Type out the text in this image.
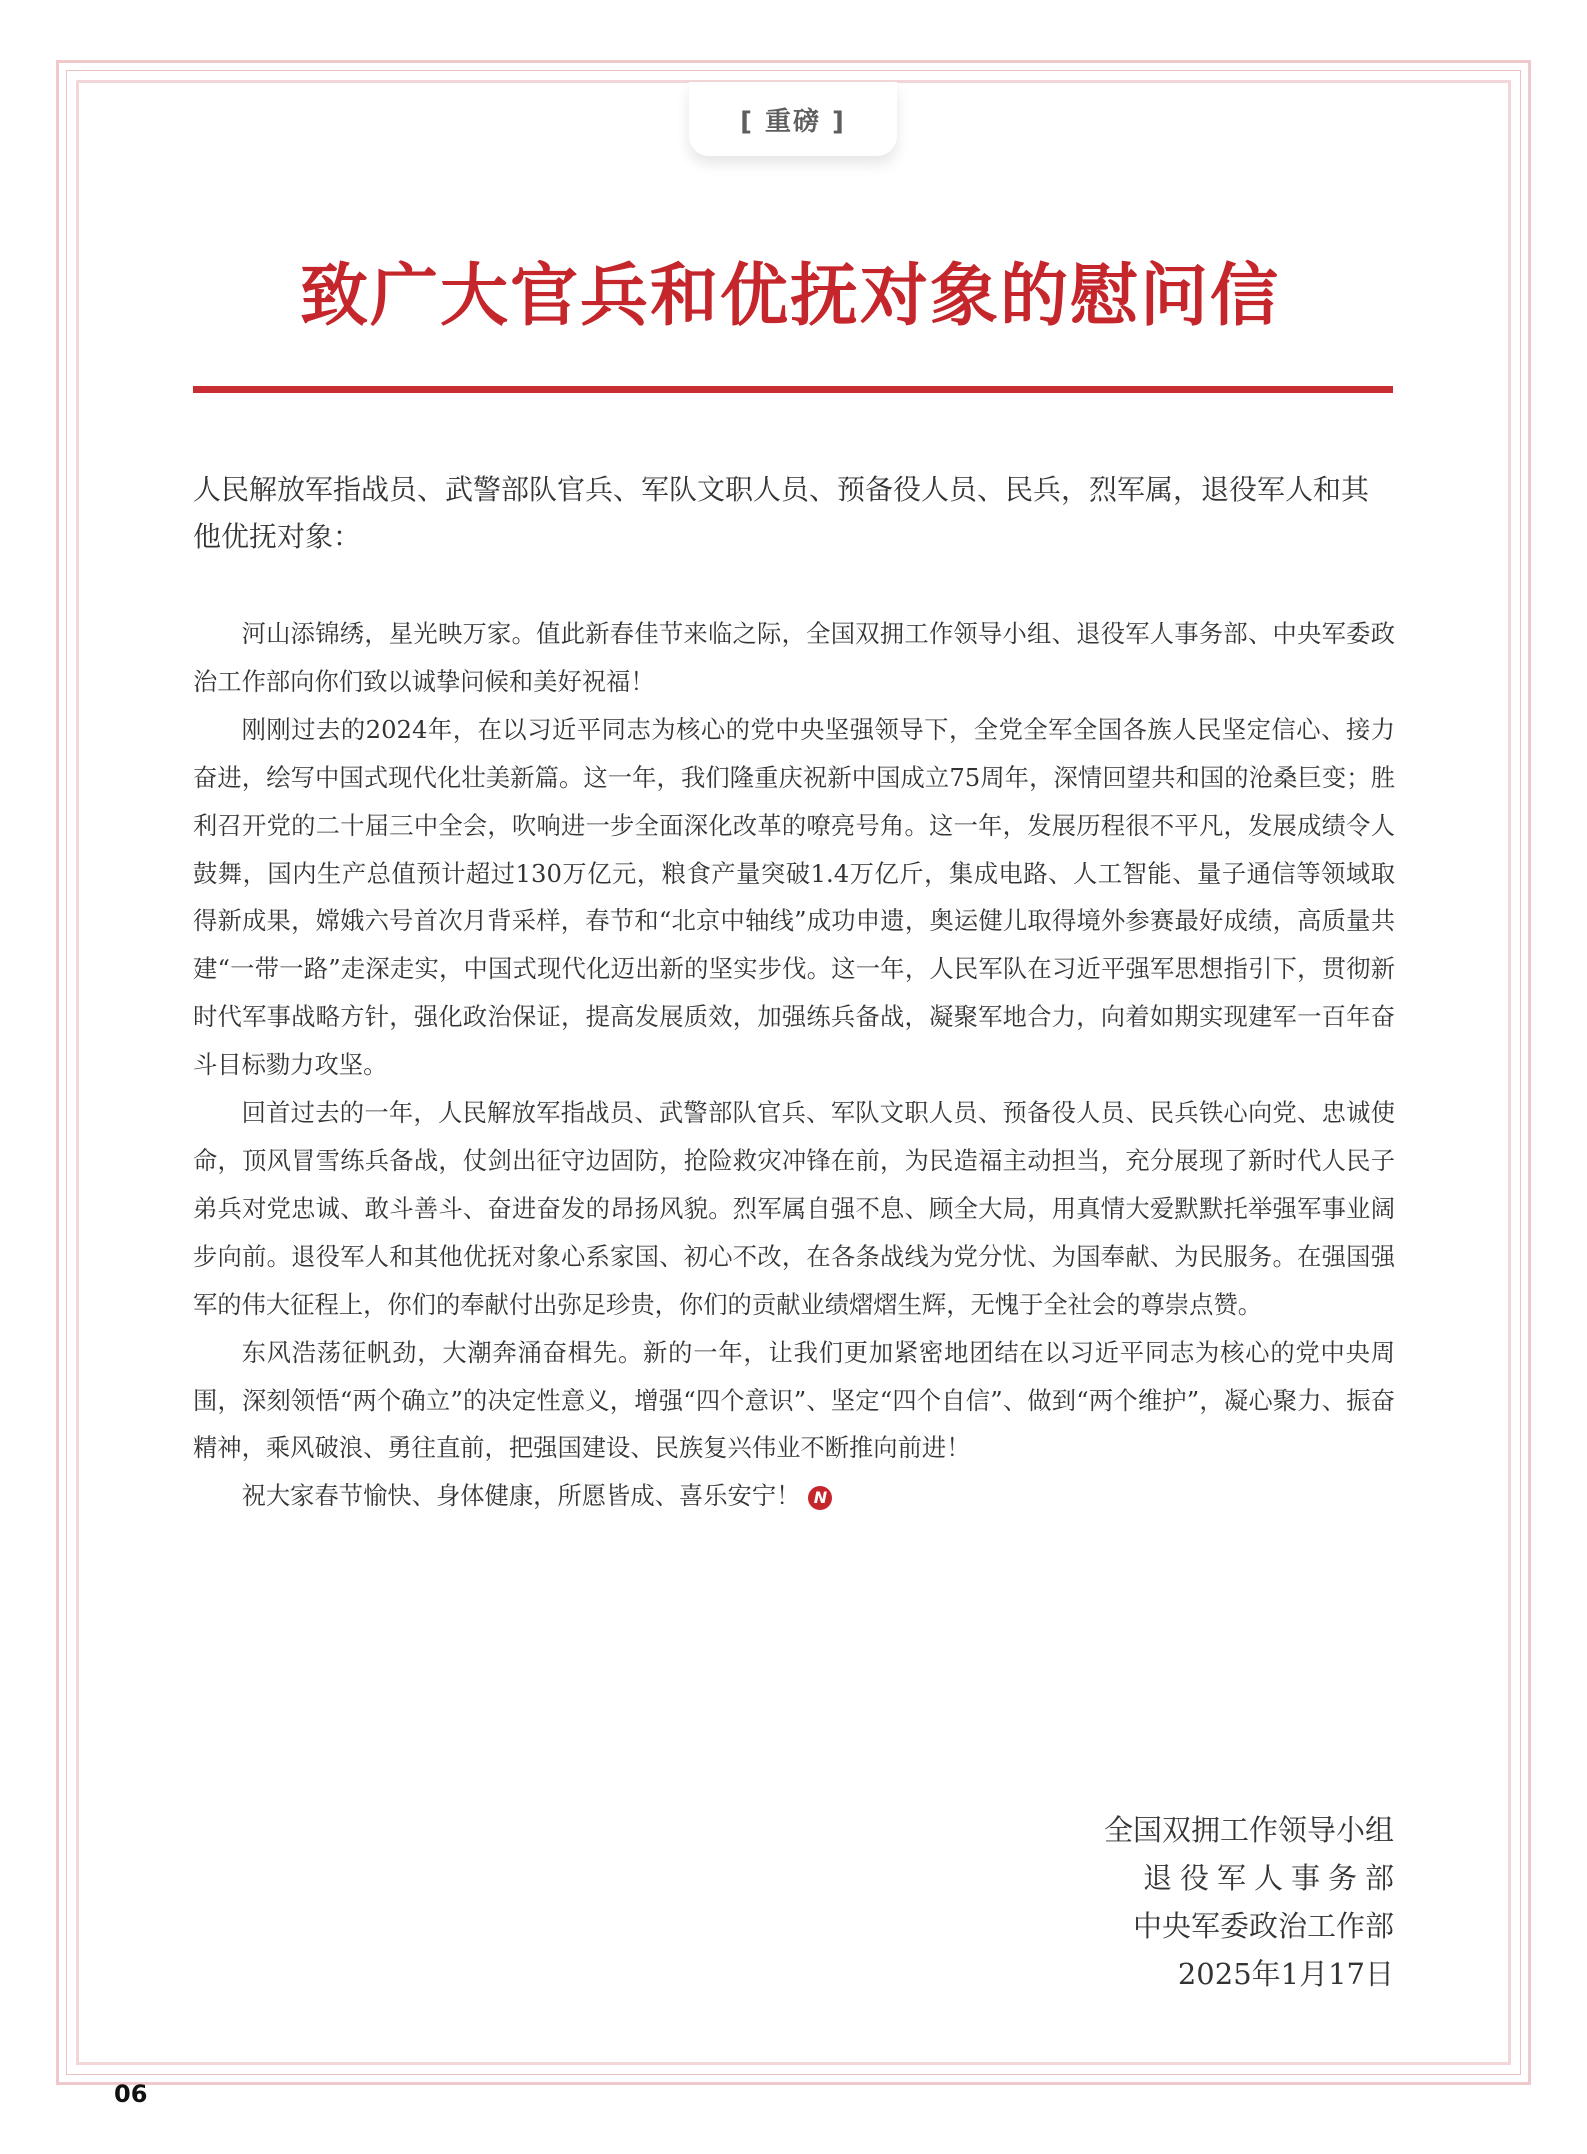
[ 重磅 ]
致广大官兵和优抚对象的慰问信

人民解放军指战员、武警部队官兵、军队文职人员、预备役人员、民兵，烈军属，退役军人和其他优抚对象：

河山添锦绣，星光映万家。值此新春佳节来临之际，全国双拥工作领导小组、退役军人事务部、中央军委政治工作部向你们致以诚挚问候和美好祝福！

刚刚过去的2024年，在以习近平同志为核心的党中央坚强领导下，全党全军全国各族人民坚定信心、接力奋进，绘写中国式现代化壮美新篇。这一年，我们隆重庆祝新中国成立75周年，深情回望共和国的沧桑巨变；胜利召开党的二十届三中全会，吹响进一步全面深化改革的嘹亮号角。这一年，发展历程很不平凡，发展成绩令人鼓舞，国内生产总值预计超过130万亿元，粮食产量突破1.4万亿斤，集成电路、人工智能、量子通信等领域取得新成果，嫦娥六号首次月背采样，春节和“北京中轴线”成功申遗，奥运健儿取得境外参赛最好成绩，高质量共建“一带一路”走深走实，中国式现代化迈出新的坚实步伐。这一年，人民军队在习近平强军思想指引下，贯彻新时代军事战略方针，强化政治保证，提高发展质效，加强练兵备战，凝聚军地合力，向着如期实现建军一百年奋斗目标勠力攻坚。

回首过去的一年，人民解放军指战员、武警部队官兵、军队文职人员、预备役人员、民兵铁心向党、忠诚使命，顶风冒雪练兵备战，仗剑出征守边固防，抢险救灾冲锋在前，为民造福主动担当，充分展现了新时代人民子弟兵对党忠诚、敢斗善斗、奋进奋发的昂扬风貌。烈军属自强不息、顾全大局，用真情大爱默默托举强军事业阔步向前。退役军人和其他优抚对象心系家国、初心不改，在各条战线为党分忧、为国奉献、为民服务。在强国强军的伟大征程上，你们的奉献付出弥足珍贵，你们的贡献业绩熠熠生辉，无愧于全社会的尊崇点赞。

东风浩荡征帆劲，大潮奔涌奋楫先。新的一年，让我们更加紧密地团结在以习近平同志为核心的党中央周围，深刻领悟“两个确立”的决定性意义，增强“四个意识”、坚定“四个自信”、做到“两个维护”，凝心聚力、振奋精神，乘风破浪、勇往直前，把强国建设、民族复兴伟业不断推向前进！

祝大家春节愉快、身体健康，所愿皆成、喜乐安宁！ N

全国双拥工作领导小组
退役军人事务部
中央军委政治工作部
2025年1月17日
06
